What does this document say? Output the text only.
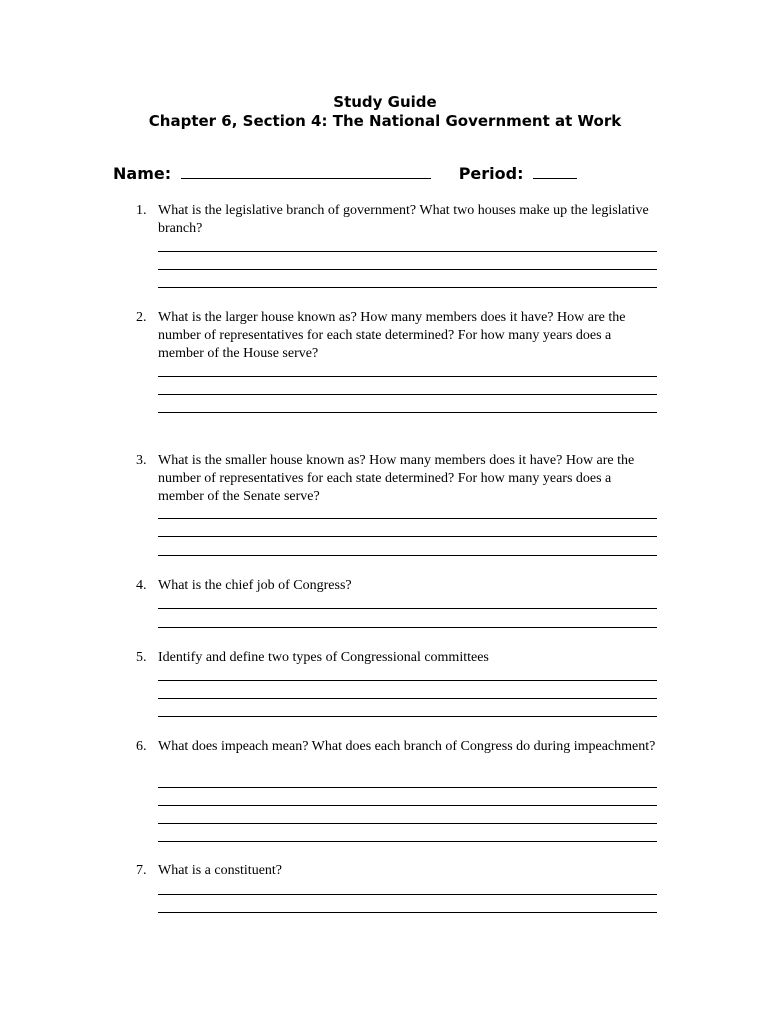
Study Guide
Chapter 6, Section 4: The National Government at Work
Name:	Period:
1. What is the legislative branch of government? What two houses make up the legislative branch?
2. What is the larger house known as? How many members does it have? How are the number of representatives for each state determined? For how many years does a member of the House serve?
3. What is the smaller house known as? How many members does it have? How are the number of representatives for each state determined? For how many years does a member of the Senate serve?
4. What is the chief job of Congress?
5. Identify and define two types of Congressional committees
6. What does impeach mean? What does each branch of Congress do during impeachment?
7. What is a constituent?
